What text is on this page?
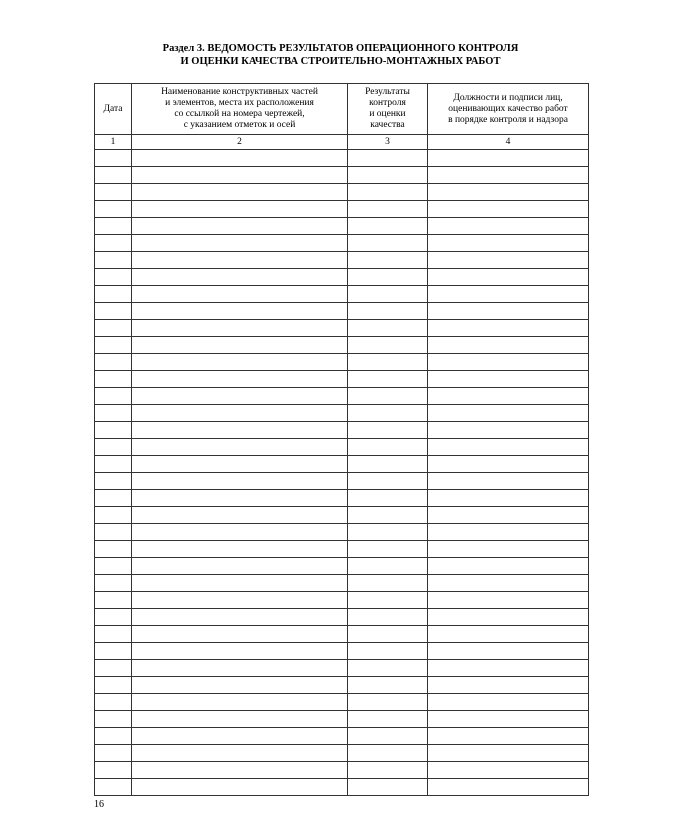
Раздел 3. ВЕДОМОСТЬ РЕЗУЛЬТАТОВ ОПЕРАЦИОННОГО КОНТРОЛЯ
И ОЦЕНКИ КАЧЕСТВА СТРОИТЕЛЬНО-МОНТАЖНЫХ РАБОТ
Дата	Наименование конструктивных частей
и элементов, места их расположения
со ссылкой на номера чертежей,
с указанием отметок и осей	Результаты
контроля
и оценки
качества	Должности и подписи лиц,
оценивающих качество работ
в порядке контроля и надзора
1	2	3	4

16
